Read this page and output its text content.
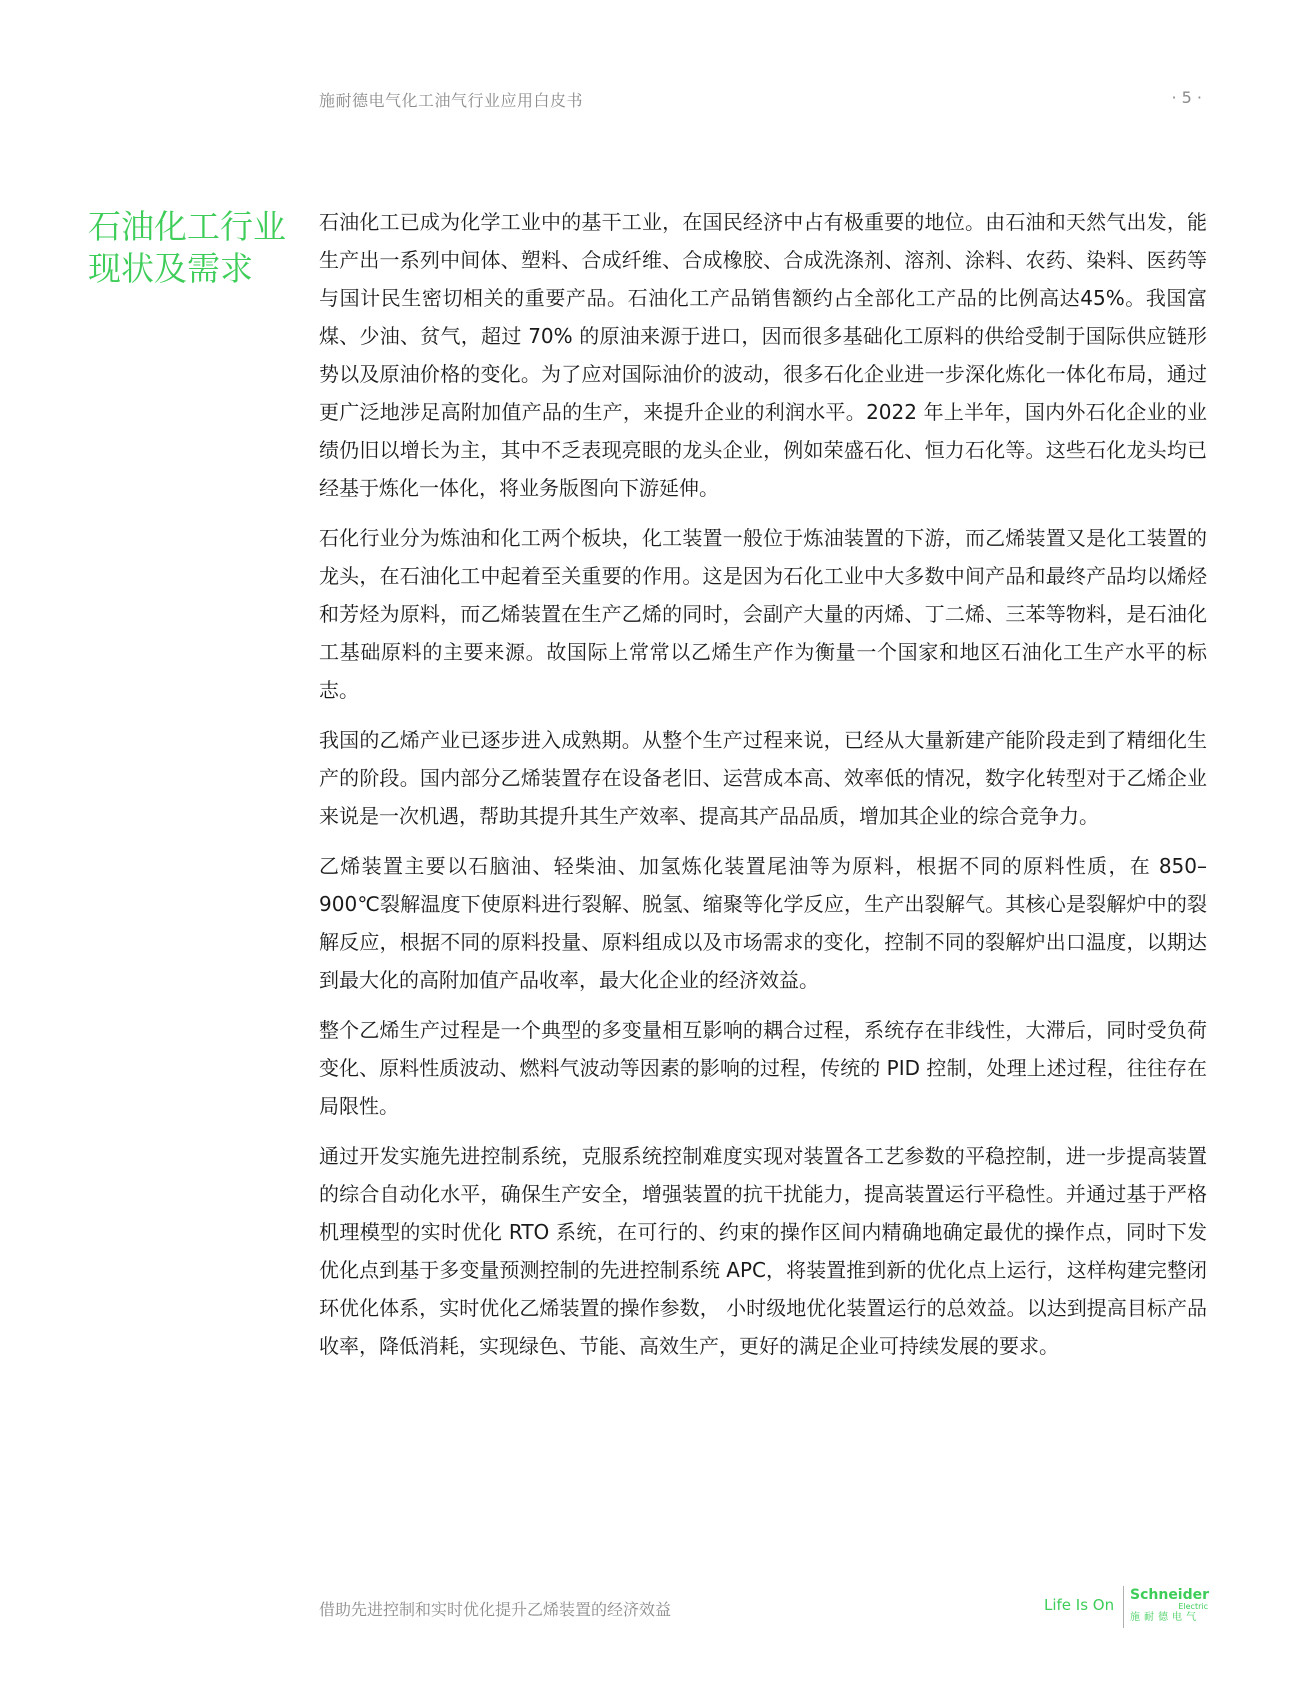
施耐德电气化工油气行业应用白皮书	· 5 ·
石油化工行业
现状及需求

石油化工已成为化学工业中的基干工业，在国民经济中占有极重要的地位。由石油和天然气出发，能生产出一系列中间体、塑料、合成纤维、合成橡胶、合成洗涤剂、溶剂、涂料、农药、染料、医药等与国计民生密切相关的重要产品。石油化工产品销售额约占全部化工产品的比例高达45%。我国富煤、少油、贫气，超过 70% 的原油来源于进口，因而很多基础化工原料的供给受制于国际供应链形势以及原油价格的变化。为了应对国际油价的波动，很多石化企业进一步深化炼化一体化布局，通过更广泛地涉足高附加值产品的生产，来提升企业的利润水平。2022 年上半年，国内外石化企业的业绩仍旧以增长为主，其中不乏表现亮眼的龙头企业，例如荣盛石化、恒力石化等。这些石化龙头均已经基于炼化一体化，将业务版图向下游延伸。

石化行业分为炼油和化工两个板块，化工装置一般位于炼油装置的下游，而乙烯装置又是化工装置的龙头，在石油化工中起着至关重要的作用。这是因为石化工业中大多数中间产品和最终产品均以烯烃和芳烃为原料，而乙烯装置在生产乙烯的同时，会副产大量的丙烯、丁二烯、三苯等物料，是石油化工基础原料的主要来源。故国际上常常以乙烯生产作为衡量一个国家和地区石油化工生产水平的标志。

我国的乙烯产业已逐步进入成熟期。从整个生产过程来说，已经从大量新建产能阶段走到了精细化生产的阶段。国内部分乙烯装置存在设备老旧、运营成本高、效率低的情况，数字化转型对于乙烯企业来说是一次机遇，帮助其提升其生产效率、提高其产品品质，增加其企业的综合竞争力。

乙烯装置主要以石脑油、轻柴油、加氢炼化装置尾油等为原料，根据不同的原料性质，在 850–900℃裂解温度下使原料进行裂解、脱氢、缩聚等化学反应，生产出裂解气。其核心是裂解炉中的裂解反应，根据不同的原料投量、原料组成以及市场需求的变化，控制不同的裂解炉出口温度，以期达到最大化的高附加值产品收率，最大化企业的经济效益。

整个乙烯生产过程是一个典型的多变量相互影响的耦合过程，系统存在非线性，大滞后，同时受负荷变化、原料性质波动、燃料气波动等因素的影响的过程，传统的 PID 控制，处理上述过程，往往存在局限性。

通过开发实施先进控制系统，克服系统控制难度实现对装置各工艺参数的平稳控制，进一步提高装置的综合自动化水平，确保生产安全，增强装置的抗干扰能力，提高装置运行平稳性。并通过基于严格机理模型的实时优化 RTO 系统，在可行的、约束的操作区间内精确地确定最优的操作点，同时下发优化点到基于多变量预测控制的先进控制系统 APC，将装置推到新的优化点上运行，这样构建完整闭环优化体系，实时优化乙烯装置的操作参数， 小时级地优化装置运行的总效益。以达到提高目标产品收率，降低消耗，实现绿色、节能、高效生产，更好的满足企业可持续发展的要求。

借助先进控制和实时优化提升乙烯装置的经济效益	Life Is On
Schneider
Electric
施耐德电气
